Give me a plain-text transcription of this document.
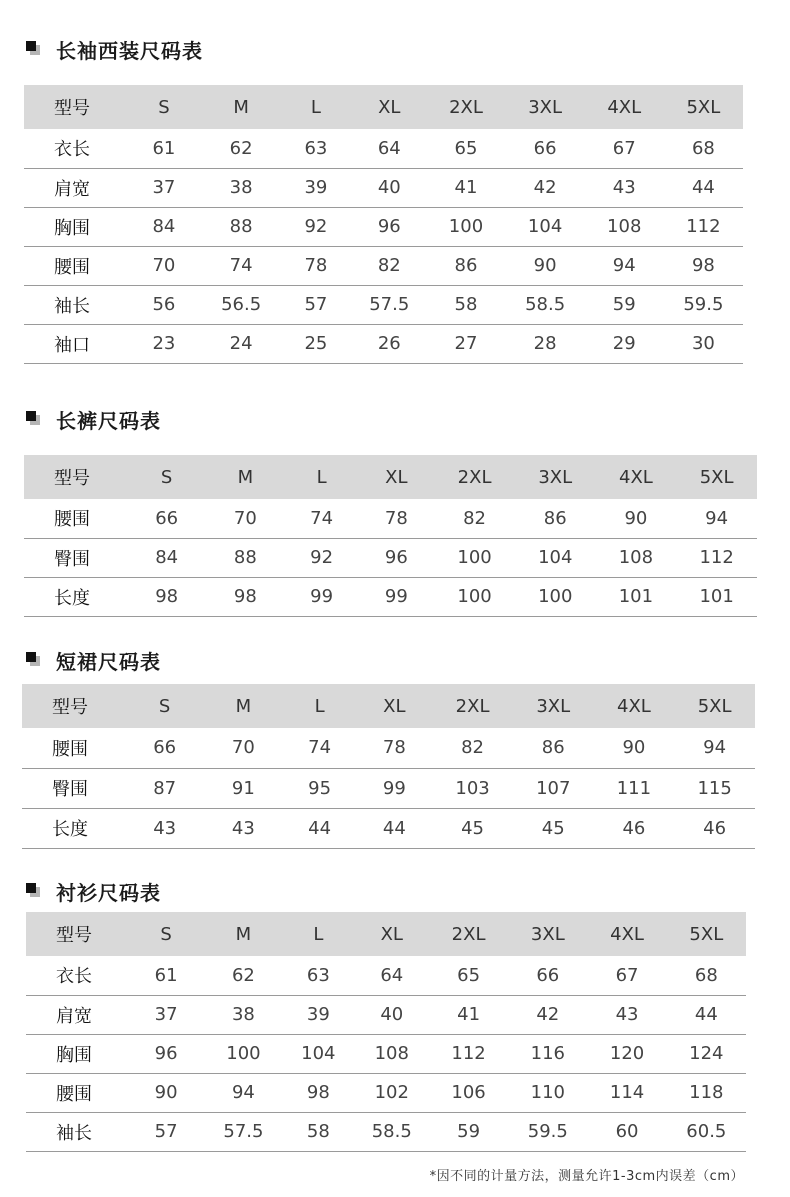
长袖西装尺码表
型号	S	M	L	XL	2XL	3XL	4XL	5XL
衣长	61	62	63	64	65	66	67	68
肩宽	37	38	39	40	41	42	43	44
胸围	84	88	92	96	100	104	108	112
腰围	70	74	78	82	86	90	94	98
袖长	56	56.5	57	57.5	58	58.5	59	59.5
袖口	23	24	25	26	27	28	29	30
长裤尺码表
型号	S	M	L	XL	2XL	3XL	4XL	5XL
腰围	66	70	74	78	82	86	90	94
臀围	84	88	92	96	100	104	108	112
长度	98	98	99	99	100	100	101	101
短裙尺码表
型号	S	M	L	XL	2XL	3XL	4XL	5XL
腰围	66	70	74	78	82	86	90	94
臀围	87	91	95	99	103	107	111	115
长度	43	43	44	44	45	45	46	46
衬衫尺码表
型号	S	M	L	XL	2XL	3XL	4XL	5XL
衣长	61	62	63	64	65	66	67	68
肩宽	37	38	39	40	41	42	43	44
胸围	96	100	104	108	112	116	120	124
腰围	90	94	98	102	106	110	114	118
袖长	57	57.5	58	58.5	59	59.5	60	60.5
*因不同的计量方法，测量允许1-3cm内误差（cm）
